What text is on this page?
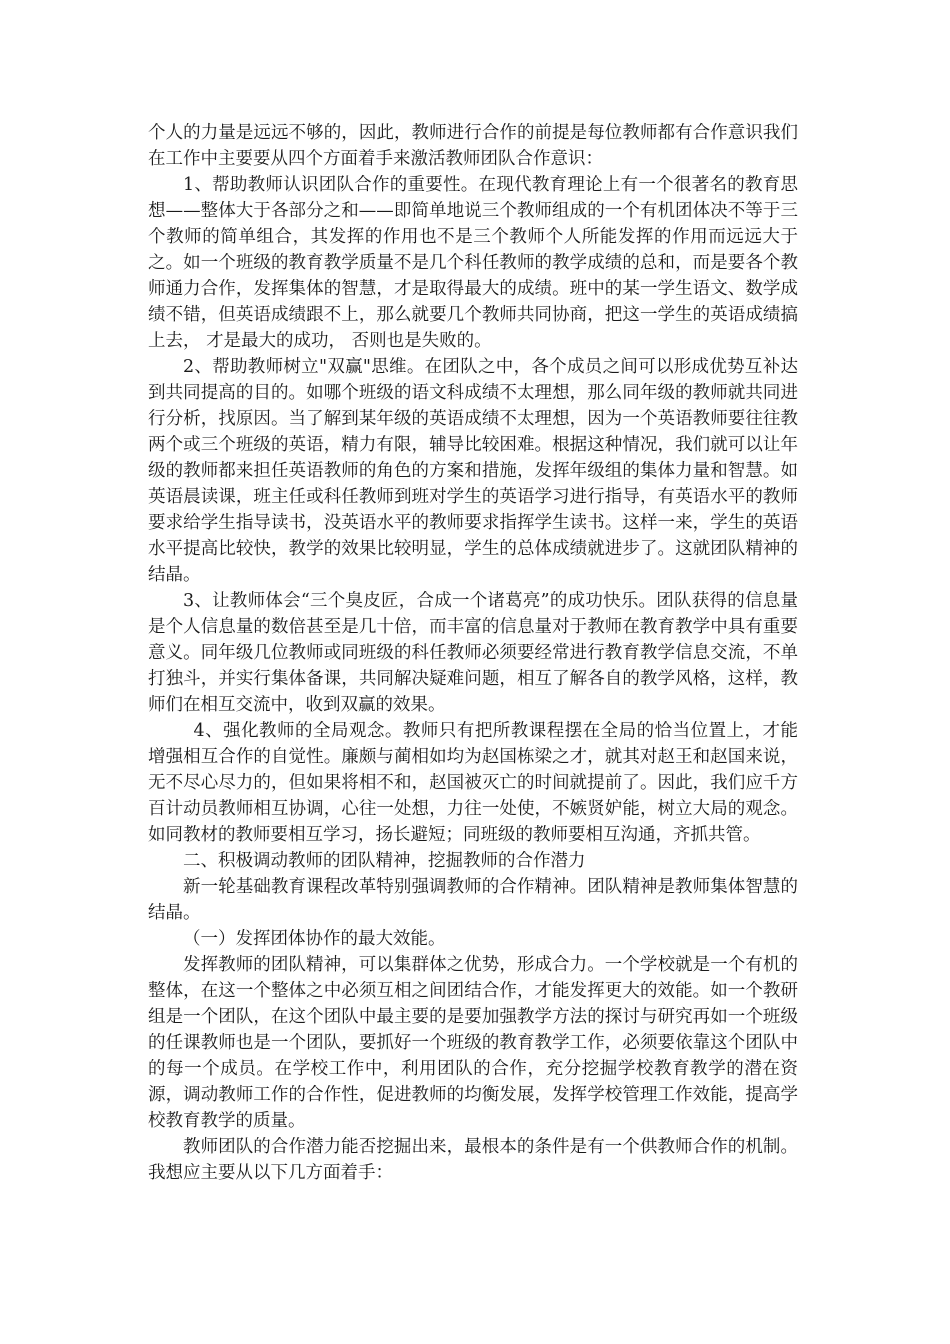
个人的力量是远远不够的，因此，教师进行合作的前提是每位教师都有合作意识我们在工作中主要要从四个方面着手来激活教师团队合作意识：

1、帮助教师认识团队合作的重要性。在现代教育理论上有一个很著名的教育思想——整体大于各部分之和——即简单地说三个教师组成的一个有机团体决不等于三个教师的简单组合，其发挥的作用也不是三个教师个人所能发挥的作用而远远大于之。如一个班级的教育教学质量不是几个科任教师的教学成绩的总和，而是要各个教师通力合作，发挥集体的智慧，才是取得最大的成绩。班中的某一学生语文、数学成绩不错，但英语成绩跟不上，那么就要几个教师共同协商，把这一学生的英语成绩搞上去， 才是最大的成功， 否则也是失败的。

2、帮助教师树立"双赢"思维。在团队之中，各个成员之间可以形成优势互补达到共同提高的目的。如哪个班级的语文科成绩不太理想，那么同年级的教师就共同进行分析，找原因。当了解到某年级的英语成绩不太理想，因为一个英语教师要往往教两个或三个班级的英语，精力有限，辅导比较困难。根据这种情况，我们就可以让年级的教师都来担任英语教师的角色的方案和措施，发挥年级组的集体力量和智慧。如英语晨读课，班主任或科任教师到班对学生的英语学习进行指导，有英语水平的教师要求给学生指导读书，没英语水平的教师要求指挥学生读书。这样一来，学生的英语水平提高比较快，教学的效果比较明显，学生的总体成绩就进步了。这就团队精神的结晶。

3、让教师体会“三个臭皮匠，合成一个诸葛亮”的成功快乐。团队获得的信息量是个人信息量的数倍甚至是几十倍，而丰富的信息量对于教师在教育教学中具有重要意义。同年级几位教师或同班级的科任教师必须要经常进行教育教学信息交流，不单打独斗，并实行集体备课，共同解决疑难问题，相互了解各自的教学风格，这样，教师们在相互交流中，收到双赢的效果。

4、强化教师的全局观念。教师只有把所教课程摆在全局的恰当位置上，才能增强相互合作的自觉性。廉颇与蔺相如均为赵国栋梁之才，就其对赵王和赵国来说，无不尽心尽力的，但如果将相不和，赵国被灭亡的时间就提前了。因此，我们应千方百计动员教师相互协调，心往一处想，力往一处使，不嫉贤妒能，树立大局的观念。如同教材的教师要相互学习，扬长避短；同班级的教师要相互沟通，齐抓共管。

二、积极调动教师的团队精神，挖掘教师的合作潜力

新一轮基础教育课程改革特别强调教师的合作精神。团队精神是教师集体智慧的结晶。

（一）发挥团体协作的最大效能。

发挥教师的团队精神，可以集群体之优势，形成合力。一个学校就是一个有机的整体，在这一个整体之中必须互相之间团结合作，才能发挥更大的效能。如一个教研组是一个团队，在这个团队中最主要的是要加强教学方法的探讨与研究再如一个班级的任课教师也是一个团队，要抓好一个班级的教育教学工作，必须要依靠这个团队中的每一个成员。在学校工作中，利用团队的合作，充分挖掘学校教育教学的潜在资源，调动教师工作的合作性，促进教师的均衡发展，发挥学校管理工作效能，提高学校教育教学的质量。

教师团队的合作潜力能否挖掘出来，最根本的条件是有一个供教师合作的机制。我想应主要从以下几方面着手：
